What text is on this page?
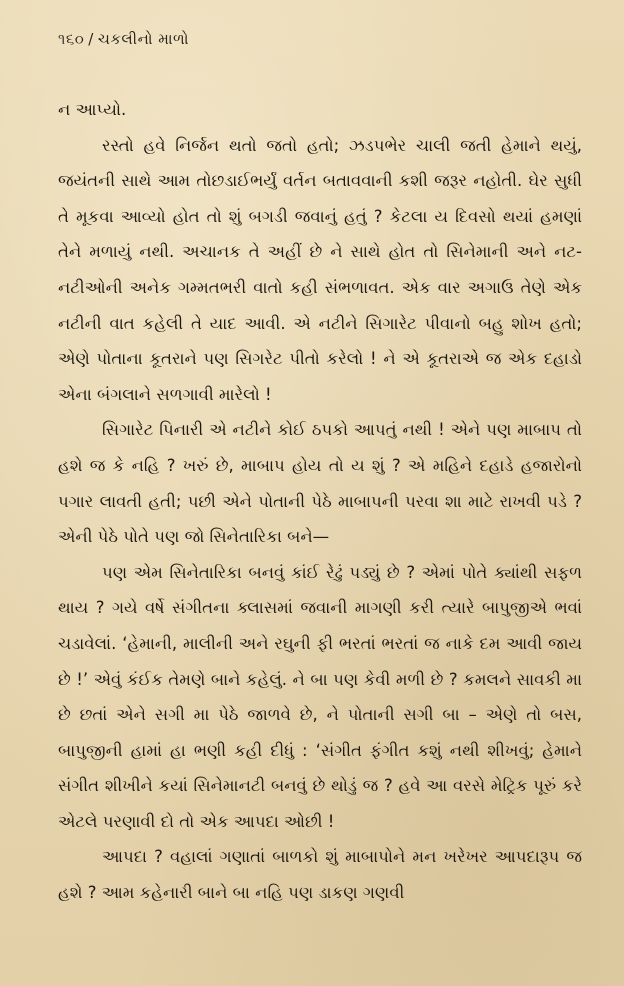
૧૬૦ / ચકલીનો માળો

ન આપ્યો.

રસ્તો હવે નિર્જન થતો જતો હતો; ઝડપભેર ચાલી જતી હેમાને થયું, જયંતની સાથે આમ તોછડાઈભર્યું વર્તન બતાવવાની કશી જરૂર નહોતી. ઘેર સુધી તે મૂકવા આવ્યો હોત તો શું બગડી જવાનું હતું ? કેટલા ય દિવસો થયાં હમણાં તેને મળાયું નથી. અચાનક તે અહીં છે ને સાથે હોત તો સિનેમાની અને નટ-નટીઓની અનેક ગમ્મતભરી વાતો કહી સંભળાવત. એક વાર અગાઉ તેણે એક નટીની વાત કહેલી તે યાદ આવી. એ નટીને સિગારેટ પીવાનો બહુ શોખ હતો; એણે પોતાના કૂતરાને પણ સિગરેટ પીતો કરેલો ! ને એ કૂતરાએ જ એક દહાડો એના બંગલાને સળગાવી મારેલો !

સિગારેટ પિનારી એ નટીને કોઈ ઠપકો આપતું નથી ! એને પણ માબાપ તો હશે જ કે નહિ ? ખરું છે, માબાપ હોય તો ય શું ? એ મહિને દહાડે હજારોનો પગાર લાવતી હતી; પછી એને પોતાની પેઠે માબાપની પરવા શા માટે રાખવી પડે ? એની પેઠે પોતે પણ જો સિનેતારિકા બને—

પણ એમ સિનેતારિકા બનવું કાંઈ રેઢું પડ્યું છે ? એમાં પોતે ક્યાંથી સફળ થાય ? ગયે વર્ષે સંગીતના ક્લાસમાં જવાની માગણી કરી ત્યારે બાપુજીએ ભવાં ચડાવેલાં. ‘હેમાની, માલીની અને રઘુની ફી ભરતાં ભરતાં જ નાકે દમ આવી જાય છે !’ એવું કંઈક તેમણે બાને કહેલું. ને બા પણ કેવી મળી છે ? કમલને સાવકી મા છે છતાં એને સગી મા પેઠે જાળવે છે, ને પોતાની સગી બા – એણે તો બસ, બાપુજીની હામાં હા ભણી કહી દીધું : ‘સંગીત ફંગીત કશું નથી શીખવું; હેમાને સંગીત શીખીને કયાં સિનેમાનટી બનવું છે થોડું જ ? હવે આ વરસે મેટ્રિક પૂરું કરે એટલે પરણાવી દો તો એક આપદા ઓછી !

આપદા ? વહાલાં ગણાતાં બાળકો શું માબાપોને મન ખરેખર આપદારૂપ જ હશે ? આમ કહેનારી બાને બા નહિ પણ ડાકણ ગણવી
